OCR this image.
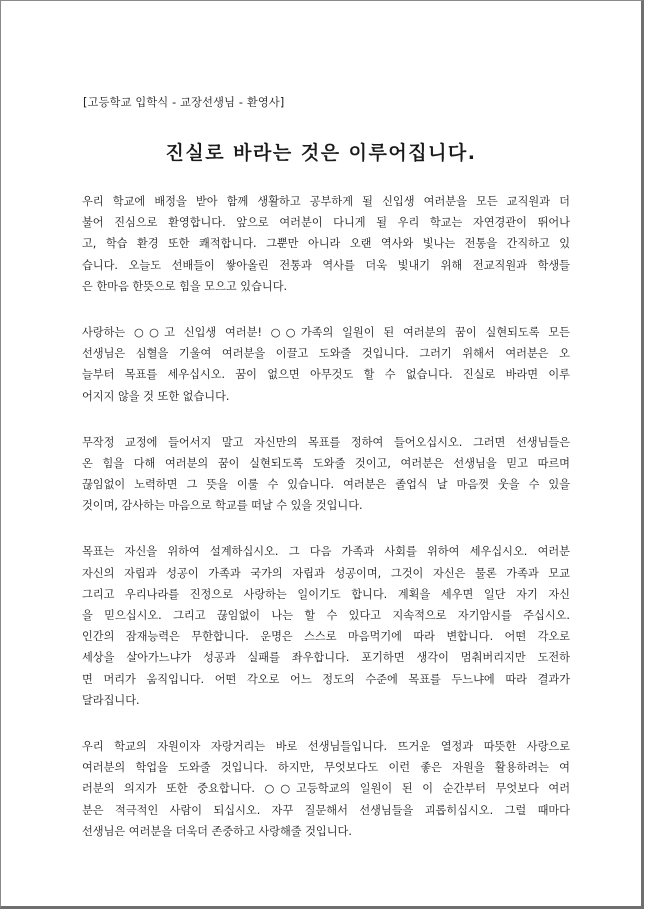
[고등학교 입학식 - 교장선생님 - 환영사]
진실로 바라는 것은 이루어집니다.
우리 학교에 배정을 받아 함께 생활하고 공부하게 될 신입생 여러분을 모든 교직원과 더
불어 진심으로 환영합니다. 앞으로 여러분이 다니게 될 우리 학교는 자연경관이 뛰어나
고, 학습 환경 또한 쾌적합니다. 그뿐만 아니라 오랜 역사와 빛나는 전통을 간직하고 있
습니다. 오늘도 선배들이 쌓아올린 전통과 역사를 더욱 빛내기 위해 전교직원과 학생들
은 한마음 한뜻으로 힘을 모으고 있습니다.
사랑하는 ○○고 신입생 여러분! ○○가족의 일원이 된 여러분의 꿈이 실현되도록 모든
선생님은 심혈을 기울여 여러분을 이끌고 도와줄 것입니다. 그러기 위해서 여러분은 오
늘부터 목표를 세우십시오. 꿈이 없으면 아무것도 할 수 없습니다. 진실로 바라면 이루
어지지 않을 것 또한 없습니다.
무작정 교정에 들어서지 말고 자신만의 목표를 정하여 들어오십시오. 그러면 선생님들은
온 힘을 다해 여러분의 꿈이 실현되도록 도와줄 것이고, 여러분은 선생님을 믿고 따르며
끊임없이 노력하면 그 뜻을 이룰 수 있습니다. 여러분은 졸업식 날 마음껏 웃을 수 있을
것이며, 감사하는 마음으로 학교를 떠날 수 있을 것입니다.
목표는 자신을 위하여 설계하십시오. 그 다음 가족과 사회를 위하여 세우십시오. 여러분
자신의 자립과 성공이 가족과 국가의 자립과 성공이며, 그것이 자신은 물론 가족과 모교
그리고 우리나라를 진정으로 사랑하는 일이기도 합니다. 계획을 세우면 일단 자기 자신
을 믿으십시오. 그리고 끊임없이 나는 할 수 있다고 지속적으로 자기암시를 주십시오.
인간의 잠재능력은 무한합니다. 운명은 스스로 마음먹기에 따라 변합니다. 어떤 각오로
세상을 살아가느냐가 성공과 실패를 좌우합니다. 포기하면 생각이 멈춰버리지만 도전하
면 머리가 움직입니다. 어떤 각오로 어느 정도의 수준에 목표를 두느냐에 따라 결과가
달라집니다.
우리 학교의 자원이자 자랑거리는 바로 선생님들입니다. 뜨거운 열정과 따뜻한 사랑으로
여러분의 학업을 도와줄 것입니다. 하지만, 무엇보다도 이런 좋은 자원을 활용하려는 여
러분의 의지가 또한 중요합니다. ○○고등학교의 일원이 된 이 순간부터 무엇보다 여러
분은 적극적인 사람이 되십시오. 자꾸 질문해서 선생님들을 괴롭히십시오. 그럴 때마다
선생님은 여러분을 더욱더 존중하고 사랑해줄 것입니다.
